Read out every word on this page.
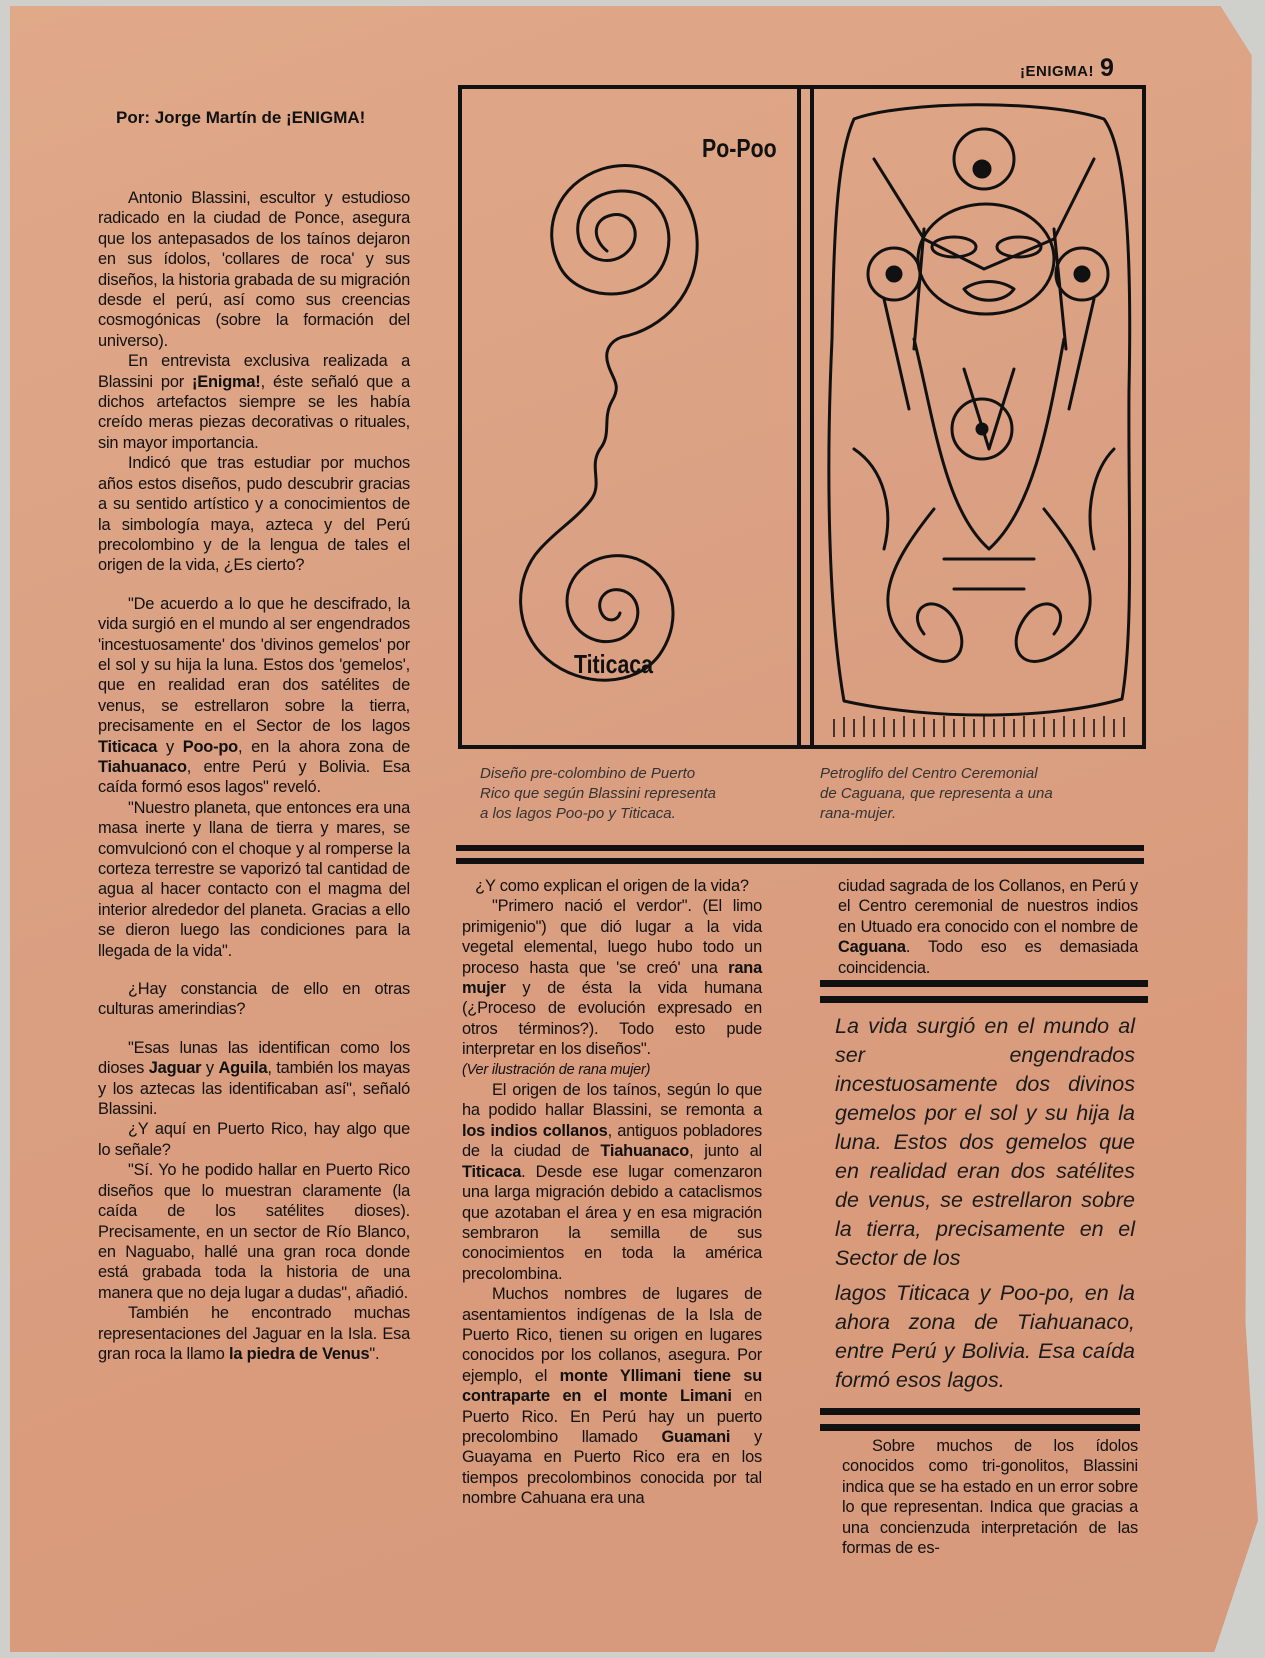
¡ENIGMA! 9
Por: Jorge Martín de ¡ENIGMA!

Antonio Blassini, escultor y estudioso radicado en la ciudad de Ponce, asegura que los antepasados de los taínos dejaron en sus ídolos, 'collares de roca' y sus diseños, la historia grabada de su migración desde el perú, así como sus creencias cosmogónicas (sobre la formación del universo).

En entrevista exclusiva realizada a Blassini por ¡Enigma!, éste señaló que a dichos artefactos siempre se les había creído meras piezas decorativas o rituales, sin mayor importancia.

Indicó que tras estudiar por muchos años estos diseños, pudo descubrir gracias a su sentido artístico y a conocimientos de la simbología maya, azteca y del Perú precolombino y de la lengua de tales el origen de la vida, ¿Es cierto?

"De acuerdo a lo que he descifrado, la vida surgió en el mundo al ser engendrados 'incestuosamente' dos 'divinos gemelos' por el sol y su hija la luna. Estos dos 'gemelos', que en realidad eran dos satélites de venus, se estrellaron sobre la tierra, precisamente en el Sector de los lagos Titicaca y Poo-po, en la ahora zona de Tiahuanaco, entre Perú y Bolivia. Esa caída formó esos lagos" reveló.

"Nuestro planeta, que entonces era una masa inerte y llana de tierra y mares, se comvulcionó con el choque y al romperse la corteza terrestre se vaporizó tal cantidad de agua al hacer contacto con el magma del interior alrededor del planeta. Gracias a ello se dieron luego las condiciones para la llegada de la vida".

¿Hay constancia de ello en otras culturas amerindias?

"Esas lunas las identifican como los dioses Jaguar y Aguila, también los mayas y los aztecas las identificaban así", señaló Blassini.

¿Y aquí en Puerto Rico, hay algo que lo señale?

"Sí. Yo he podido hallar en Puerto Rico diseños que lo muestran claramente (la caída de los satélites dioses). Precisamente, en un sector de Río Blanco, en Naguabo, hallé una gran roca donde está grabada toda la historia de una manera que no deja lugar a dudas", añadió.

También he encontrado muchas representaciones del Jaguar en la Isla. Esa gran roca la llamo la piedra de Venus".

Po-Poo
Titicaca
Diseño pre-colombino de Puerto
Rico que según Blassini representa
a los lagos Poo-po y Titicaca.
Petroglifo del Centro Ceremonial
de Caguana, que representa a una
rana-mujer.

¿Y como explican el origen de la vida?

"Primero nació el verdor". (El limo primigenio") que dió lugar a la vida vegetal elemental, luego hubo todo un proceso hasta que 'se creó' una rana mujer y de ésta la vida humana (¿Proceso de evolución expresado en otros términos?). Todo esto pude interpretar en los diseños".

(Ver ilustración de rana mujer)

El origen de los taínos, según lo que ha podido hallar Blassini, se remonta a los indios collanos, antiguos pobladores de la ciudad de Tiahuanaco, junto al Titicaca. Desde ese lugar comenzaron una larga migración debido a cataclismos que azotaban el área y en esa migración sembraron la semilla de sus conocimientos en toda la américa precolombina.

Muchos nombres de lugares de asentamientos indígenas de la Isla de Puerto Rico, tienen su origen en lugares conocidos por los collanos, asegura. Por ejemplo, el monte Yllimani tiene su contraparte en el monte Limani en Puerto Rico. En Perú hay un puerto precolombino llamado Guamani y Guayama en Puerto Rico era en los tiempos precolombinos conocida por tal nombre Cahuana era una

ciudad sagrada de los Collanos, en Perú y el Centro ceremonial de nuestros indios en Utuado era conocido con el nombre de Caguana. Todo eso es demasiada coincidencia.

La vida surgió en el mundo al ser engendrados incestuosamente dos divinos gemelos por el sol y su hija la luna. Estos dos gemelos que en realidad eran dos satélites de venus, se estrellaron sobre la tierra, precisamente en el Sector de los

lagos Titicaca y Poo-po, en la ahora zona de Tiahuanaco, entre Perú y Bolivia. Esa caída formó esos lagos.

Sobre muchos de los ídolos conocidos como tri-gonolitos, Blassini indica que se ha estado en un error sobre lo que representan. Indica que gracias a una concienzuda interpretación de las formas de es-
